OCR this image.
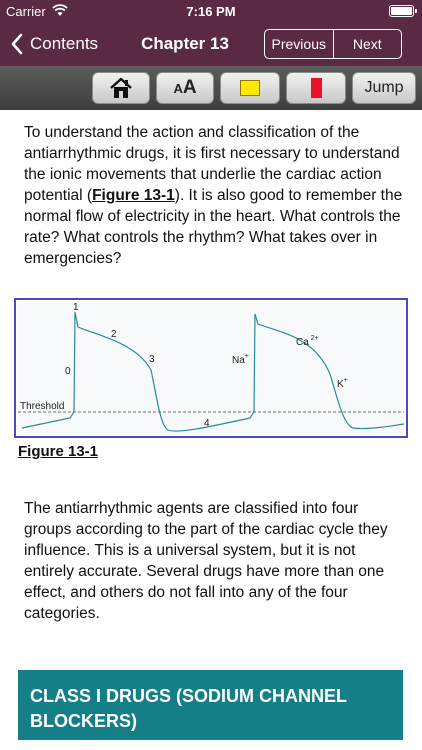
Carrier	7:16 PM
Contents	Chapter 13	Previous	Next
A A	Jump

To understand the action and classification of the antiarrhythmic drugs, it is first necessary to understand the ionic movements that underlie the cardiac action potential (Figure 13-1). It is also good to remember the normal flow of electricity in the heart. What controls the rate? What controls the rhythm? What takes over in emergencies?

1
2
3
0
4
Threshold
Na+
Ca $^{2+}$
K+
Figure 13-1

The antiarrhythmic agents are classified into four groups according to the part of the cardiac cycle they influence. This is a universal system, but it is not entirely accurate. Several drugs have more than one effect, and others do not fall into any of the four categories.

CLASS I DRUGS (SODIUM CHANNEL BLOCKERS)
